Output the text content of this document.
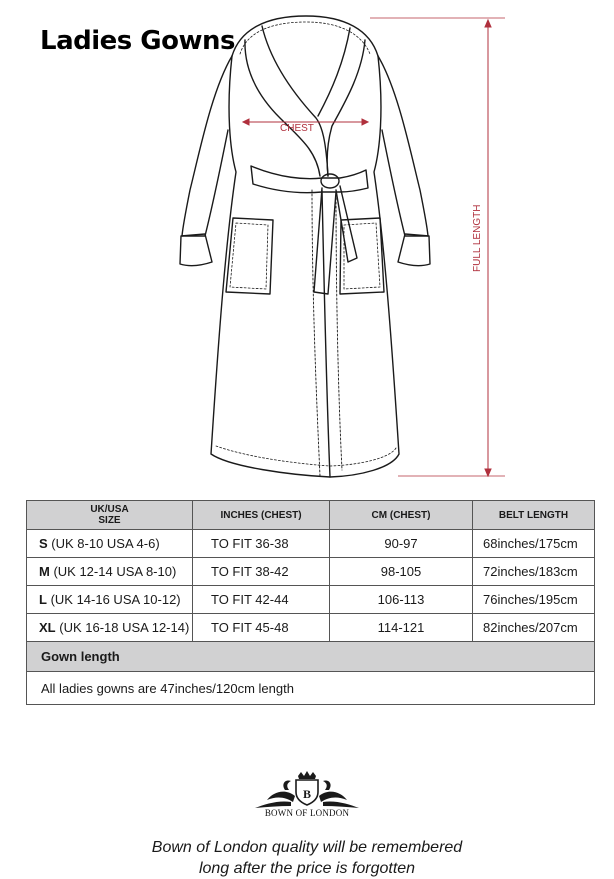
Ladies Gowns
CHEST
FULL LENGTH
UK/USA
SIZE	INCHES (CHEST)	CM (CHEST)	BELT LENGTH
S (UK 8-10 USA 4-6)	TO FIT 36-38	90-97	68inches/175cm
M (UK 12-14 USA 8-10)	TO FIT 38-42	98-105	72inches/183cm
L (UK 14-16 USA 10-12)	TO FIT 42-44	106-113	76inches/195cm
XL (UK 16-18 USA 12-14)	TO FIT 45-48	114-121	82inches/207cm
Gown length			
All ladies gowns are 47inches/120cm length			
B
BOWN OF LONDON
Bown of London quality will be remembered
long after the price is forgotten
